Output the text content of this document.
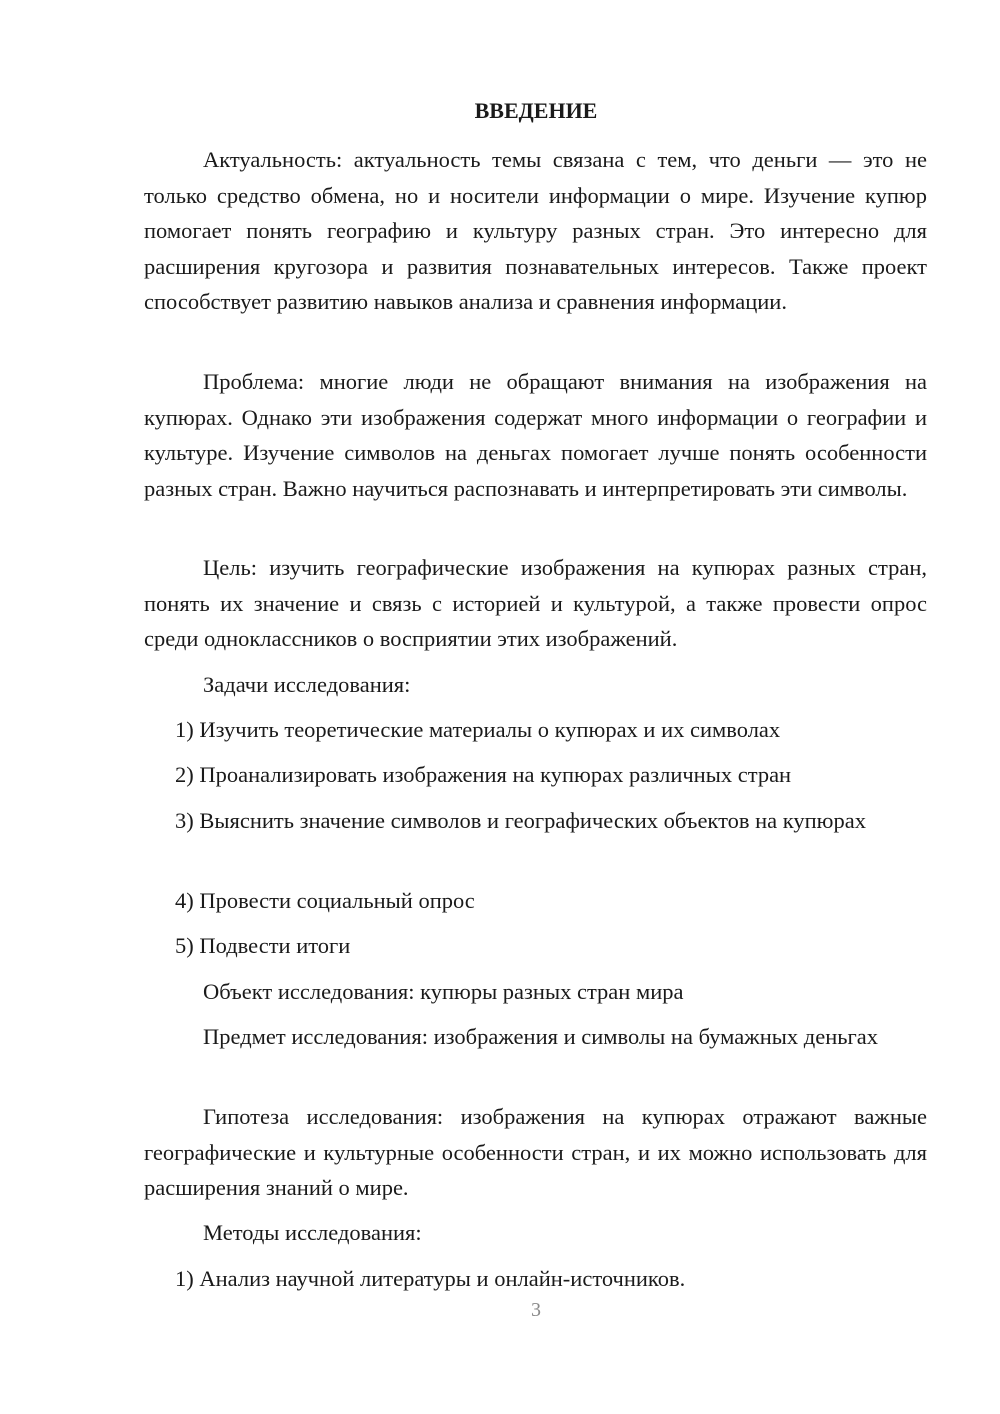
ВВЕДЕНИЕ

Актуальность: актуальность темы связана с тем, что деньги — это не только средство обмена, но и носители информации о мире. Изучение купюр помогает понять географию и культуру разных стран. Это интересно для расширения кругозора и развития познавательных интересов. Также проект способствует развитию навыков анализа и сравнения информации.

Проблема: многие люди не обращают внимания на изображения на купюрах. Однако эти изображения содержат много информации о географии и культуре. Изучение символов на деньгах помогает лучше понять особенности разных стран. Важно научиться распознавать и интерпретировать эти символы.

Цель: изучить географические изображения на купюрах разных стран, понять их значение и связь с историей и культурой, а также провести опрос среди одноклассников о восприятии этих изображений.

Задачи исследования:

1) Изучить теоретические материалы о купюрах и их символах

2) Проанализировать изображения на купюрах различных стран

3) Выяснить значение символов и географических объектов на купюрах

4) Провести социальный опрос

5) Подвести итоги

Объект исследования: купюры разных стран мира

Предмет исследования: изображения и символы на бумажных деньгах

Гипотеза исследования: изображения на купюрах отражают важные географические и культурные особенности стран, и их можно использовать для расширения знаний о мире.

Методы исследования:

1) Анализ научной литературы и онлайн-источников.

3
